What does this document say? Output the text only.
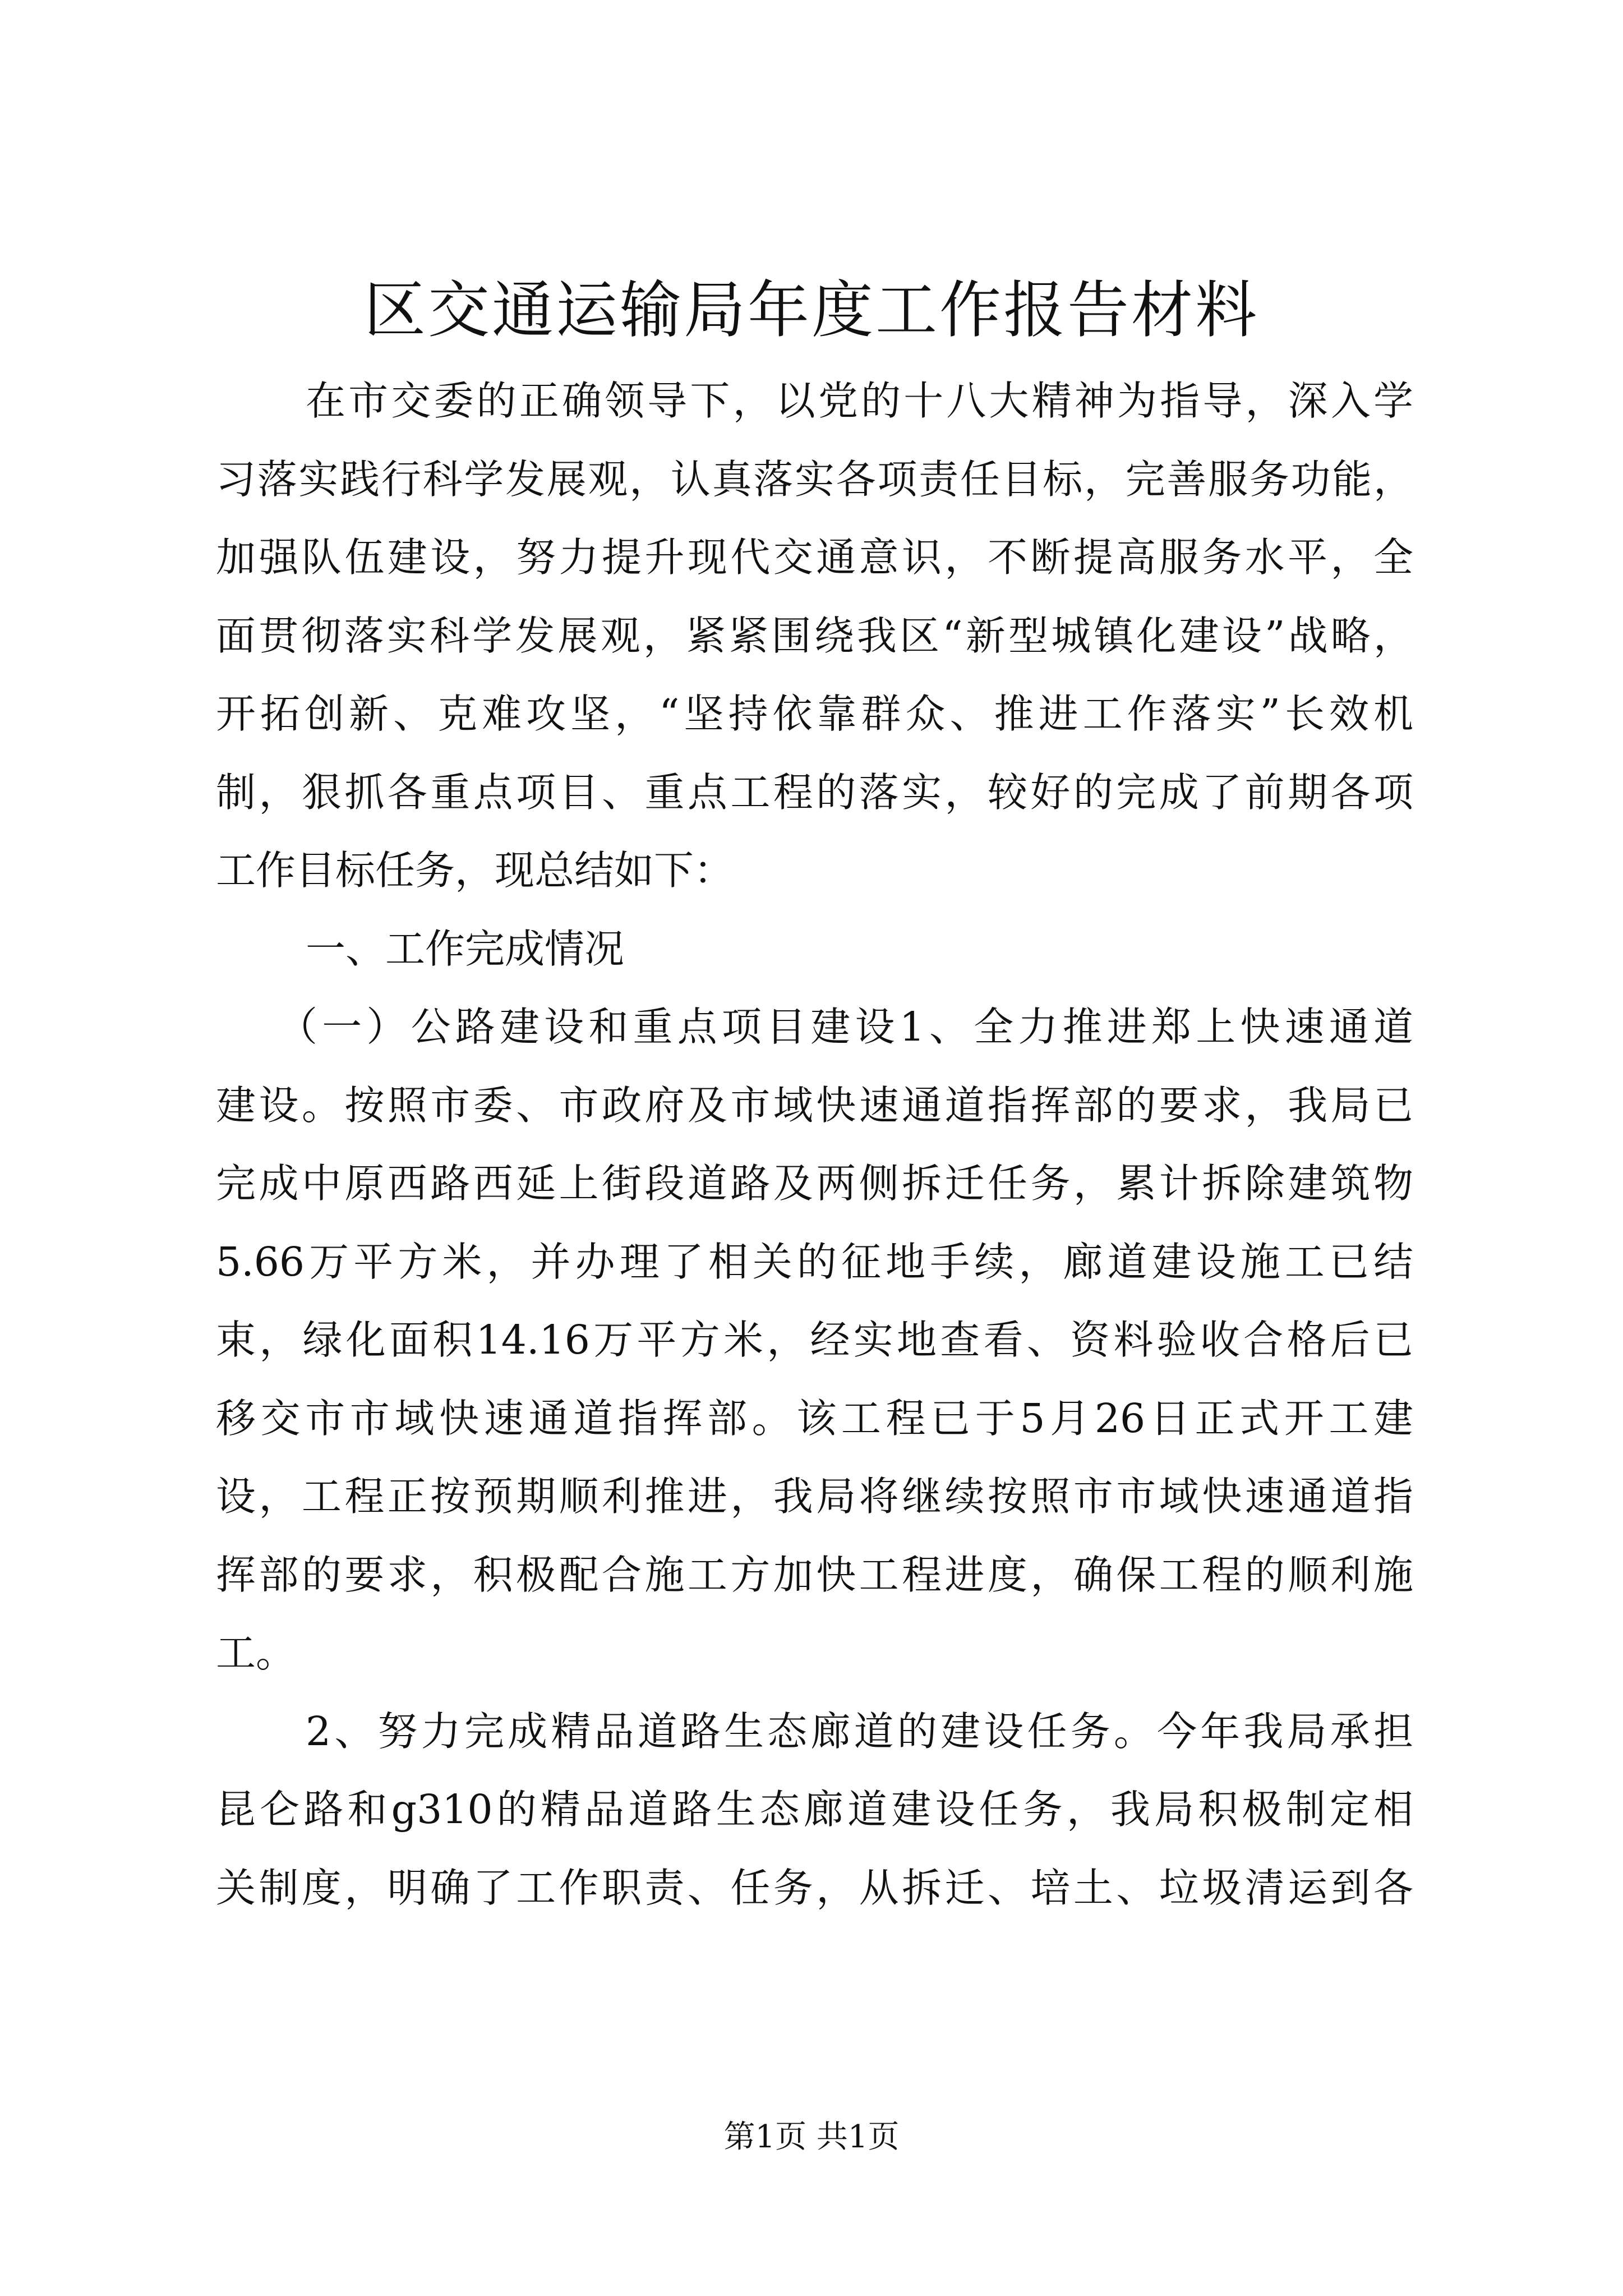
区交通运输局年度工作报告材料
在市交委的正确领导下，以党的十八大精神为指导，深入学
习落实践行科学发展观，认真落实各项责任目标，完善服务功能，
加强队伍建设，努力提升现代交通意识，不断提高服务水平，全
面贯彻落实科学发展观，紧紧围绕我区“新型城镇化建设”战略，
开拓创新、克难攻坚，“坚持依靠群众、推进工作落实”长效机
制，狠抓各重点项目、重点工程的落实，较好的完成了前期各项
工作目标任务，现总结如下：
一、工作完成情况
（一）公路建设和重点项目建设1、全力推进郑上快速通道
建设。按照市委、市政府及市域快速通道指挥部的要求，我局已
完成中原西路西延上街段道路及两侧拆迁任务，累计拆除建筑物
5.66万平方米，并办理了相关的征地手续，廊道建设施工已结
束，绿化面积14.16万平方米，经实地查看、资料验收合格后已
移交市市域快速通道指挥部。该工程已于5月26日正式开工建
设，工程正按预期顺利推进，我局将继续按照市市域快速通道指
挥部的要求，积极配合施工方加快工程进度，确保工程的顺利施
工。
2、努力完成精品道路生态廊道的建设任务。今年我局承担
昆仑路和g310的精品道路生态廊道建设任务，我局积极制定相
关制度，明确了工作职责、任务，从拆迁、培土、垃圾清运到各
第1页 共1页
